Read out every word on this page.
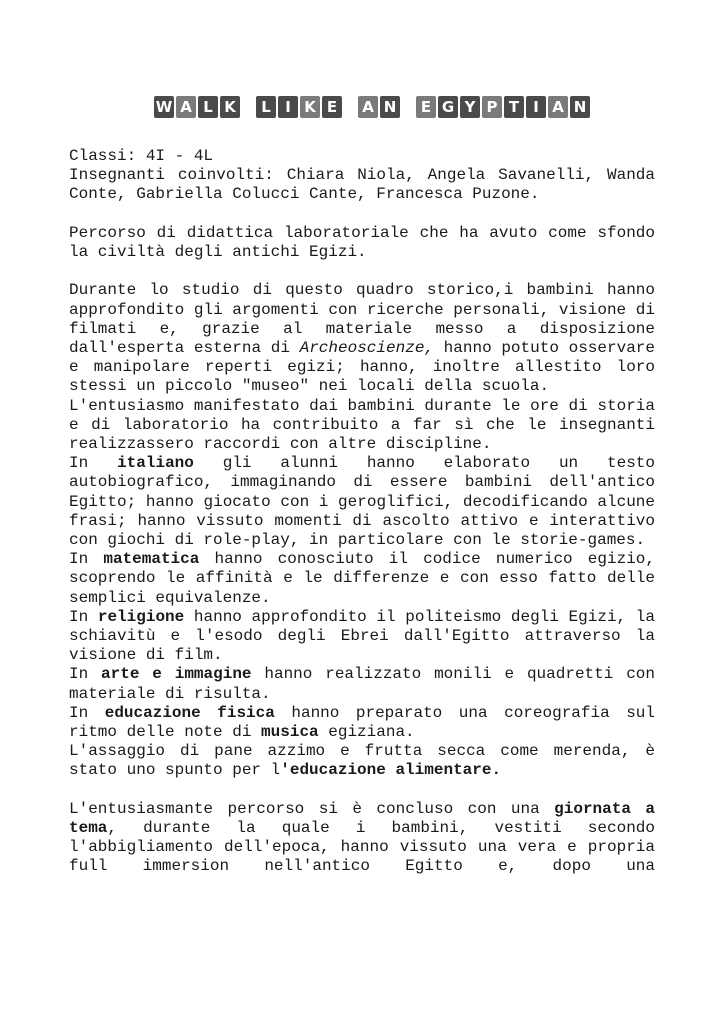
W A L K	L I K E	A N	E G Y P T I A N

Classi: 4I - 4L

Insegnanti coinvolti: Chiara Niola, Angela Savanelli, Wanda Conte, Gabriella Colucci Cante, Francesca Puzone.

Percorso di didattica laboratoriale che ha avuto come sfondo la civiltà degli antichi Egizi.

Durante lo studio di questo quadro storico,i bambini hanno approfondito gli argomenti con ricerche personali, visione di filmati e, grazie al materiale messo a disposizione dall'esperta esterna di Archeoscienze, hanno potuto osservare e manipolare reperti egizi; hanno, inoltre allestito loro stessi un piccolo "museo" nei locali della scuola.

L'entusiasmo manifestato dai bambini durante le ore di storia e di laboratorio ha contribuito a far sì che le insegnanti realizzassero raccordi con altre discipline.

In italiano gli alunni hanno elaborato un testo autobiografico, immaginando di essere bambini dell'antico Egitto; hanno giocato con i geroglifici, decodificando alcune frasi; hanno vissuto momenti di ascolto attivo e interattivo con giochi di role-play, in particolare con le storie-games.

In matematica hanno conosciuto il codice numerico egizio, scoprendo le affinità e le differenze e con esso fatto delle semplici equivalenze.

In religione hanno approfondito il politeismo degli Egizi, la schiavitù e l'esodo degli Ebrei dall'Egitto attraverso la visione di film.

In arte e immagine hanno realizzato monili e quadretti con materiale di risulta.

In educazione fisica hanno preparato una coreografia sul ritmo delle note di musica egiziana.

L'assaggio di pane azzimo e frutta secca come merenda, è stato uno spunto per l'educazione alimentare.

L'entusiasmante percorso si è concluso con una giornata a tema, durante la quale i bambini, vestiti secondo l'abbigliamento dell'epoca, hanno vissuto una vera e propria full immersion nell'antico Egitto e, dopo una
